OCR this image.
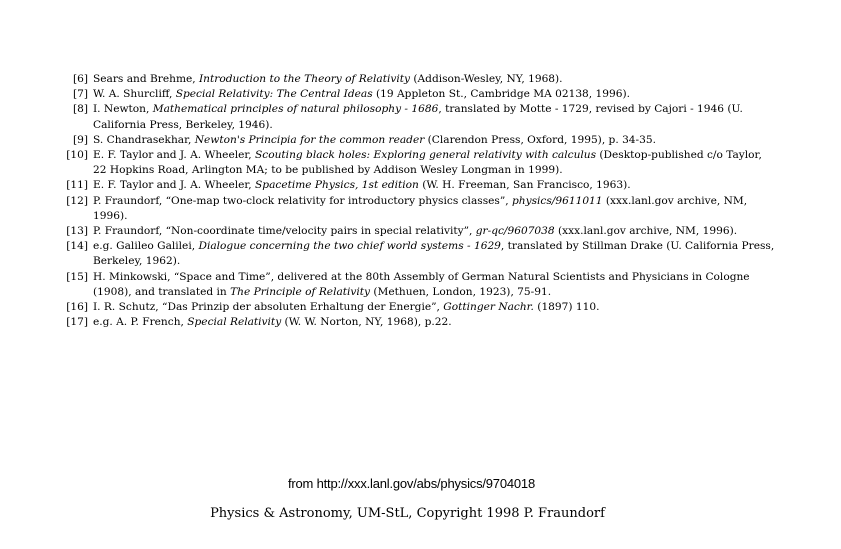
[6] Sears and Brehme, Introduction to the Theory of Relativity (Addison-Wesley, NY, 1968).
[7] W. A. Shurcliff, Special Relativity: The Central Ideas (19 Appleton St., Cambridge MA 02138, 1996).
[8] I. Newton, Mathematical principles of natural philosophy - 1686, translated by Motte - 1729, revised by Cajori - 1946 (U. California Press, Berkeley, 1946).
[9] S. Chandrasekhar, Newton's Principia for the common reader (Clarendon Press, Oxford, 1995), p. 34-35.
[10] E. F. Taylor and J. A. Wheeler, Scouting black holes: Exploring general relativity with calculus (Desktop-published c/o Taylor, 22 Hopkins Road, Arlington MA; to be published by Addison Wesley Longman in 1999).
[11] E. F. Taylor and J. A. Wheeler, Spacetime Physics, 1st edition (W. H. Freeman, San Francisco, 1963).
[12] P. Fraundorf, “One-map two-clock relativity for introductory physics classes”, physics/9611011 (xxx.lanl.gov archive, NM, 1996).
[13] P. Fraundorf, “Non-coordinate time/velocity pairs in special relativity”, gr-qc/9607038 (xxx.lanl.gov archive, NM, 1996).
[14] e.g. Galileo Galilei, Dialogue concerning the two chief world systems - 1629, translated by Stillman Drake (U. California Press, Berkeley, 1962).
[15] H. Minkowski, “Space and Time”, delivered at the 80th Assembly of German Natural Scientists and Physicians in Cologne (1908), and translated in The Principle of Relativity (Methuen, London, 1923), 75-91.
[16] I. R. Schutz, “Das Prinzip der absoluten Erhaltung der Energie”, Gottinger Nachr. (1897) 110.
[17] e.g. A. P. French, Special Relativity (W. W. Norton, NY, 1968), p.22.
from http://xxx.lanl.gov/abs/physics/9704018
Physics & Astronomy, UM-StL, Copyright 1998 P. Fraundorf
